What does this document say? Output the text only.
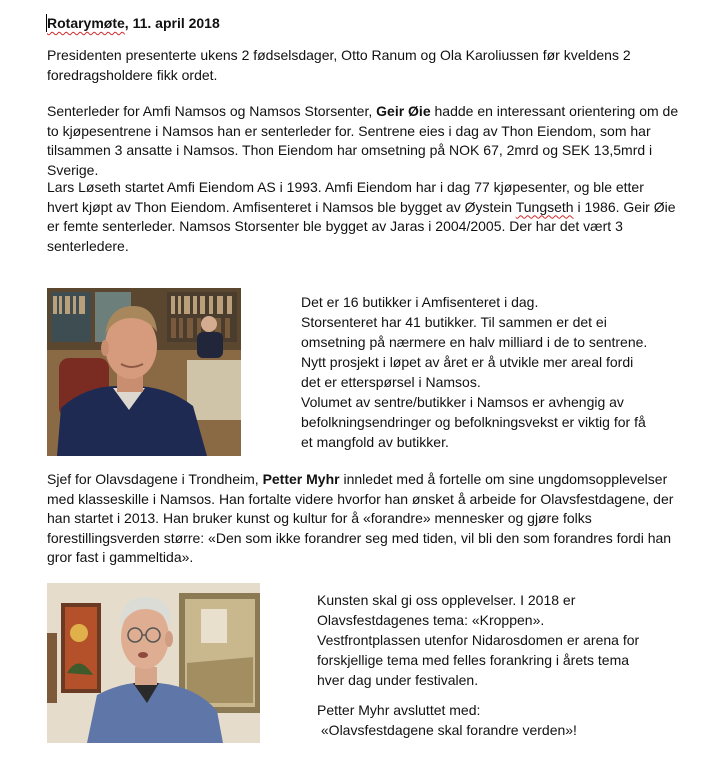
Rotarymøte, 11. april 2018
Presidenten presenterte ukens 2 fødselsdager, Otto Ranum og Ola Karoliussen før kveldens 2
foredragsholdere fikk ordet.
Senterleder for Amfi Namsos og Namsos Storsenter, Geir Øie hadde en interessant orientering om de
to kjøpesentrene i Namsos han er senterleder for. Sentrene eies i dag av Thon Eiendom, som har
tilsammen 3 ansatte i Namsos. Thon Eiendom har omsetning på NOK 67, 2mrd og SEK 13,5mrd i
Sverige.
Lars Løseth startet Amfi Eiendom AS i 1993. Amfi Eiendom har i dag 77 kjøpesenter, og ble etter
hvert kjøpt av Thon Eiendom. Amfisenteret i Namsos ble bygget av Øystein Tungseth i 1986. Geir Øie
er femte senterleder. Namsos Storsenter ble bygget av Jaras i 2004/2005. Der har det vært 3
senterledere.
Det er 16 butikker i Amfisenteret i dag.
Storsenteret har 41 butikker. Til sammen er det ei
omsetning på nærmere en halv milliard i de to sentrene.
Nytt prosjekt i løpet av året er å utvikle mer areal fordi
det er etterspørsel i Namsos.
Volumet av sentre/butikker i Namsos er avhengig av
befolkningsendringer og befolkningsvekst er viktig for få
et mangfold av butikker.
Sjef for Olavsdagene i Trondheim, Petter Myhr innledet med å fortelle om sine ungdomsopplevelser
med klasseskille i Namsos. Han fortalte videre hvorfor han ønsket å arbeide for Olavsfestdagene, der
han startet i 2013. Han bruker kunst og kultur for å «forandre» mennesker og gjøre folks
forestillingsverden større: «Den som ikke forandrer seg med tiden, vil bli den som forandres fordi han
gror fast i gammeltida».
Kunsten skal gi oss opplevelser. I 2018 er
Olavsfestdagenes tema: «Kroppen».
Vestfrontplassen utenfor Nidarosdomen er arena for
forskjellige tema med felles forankring i årets tema
hver dag under festivalen.
Petter Myhr avsluttet med:
«Olavsfestdagene skal forandre verden»!
